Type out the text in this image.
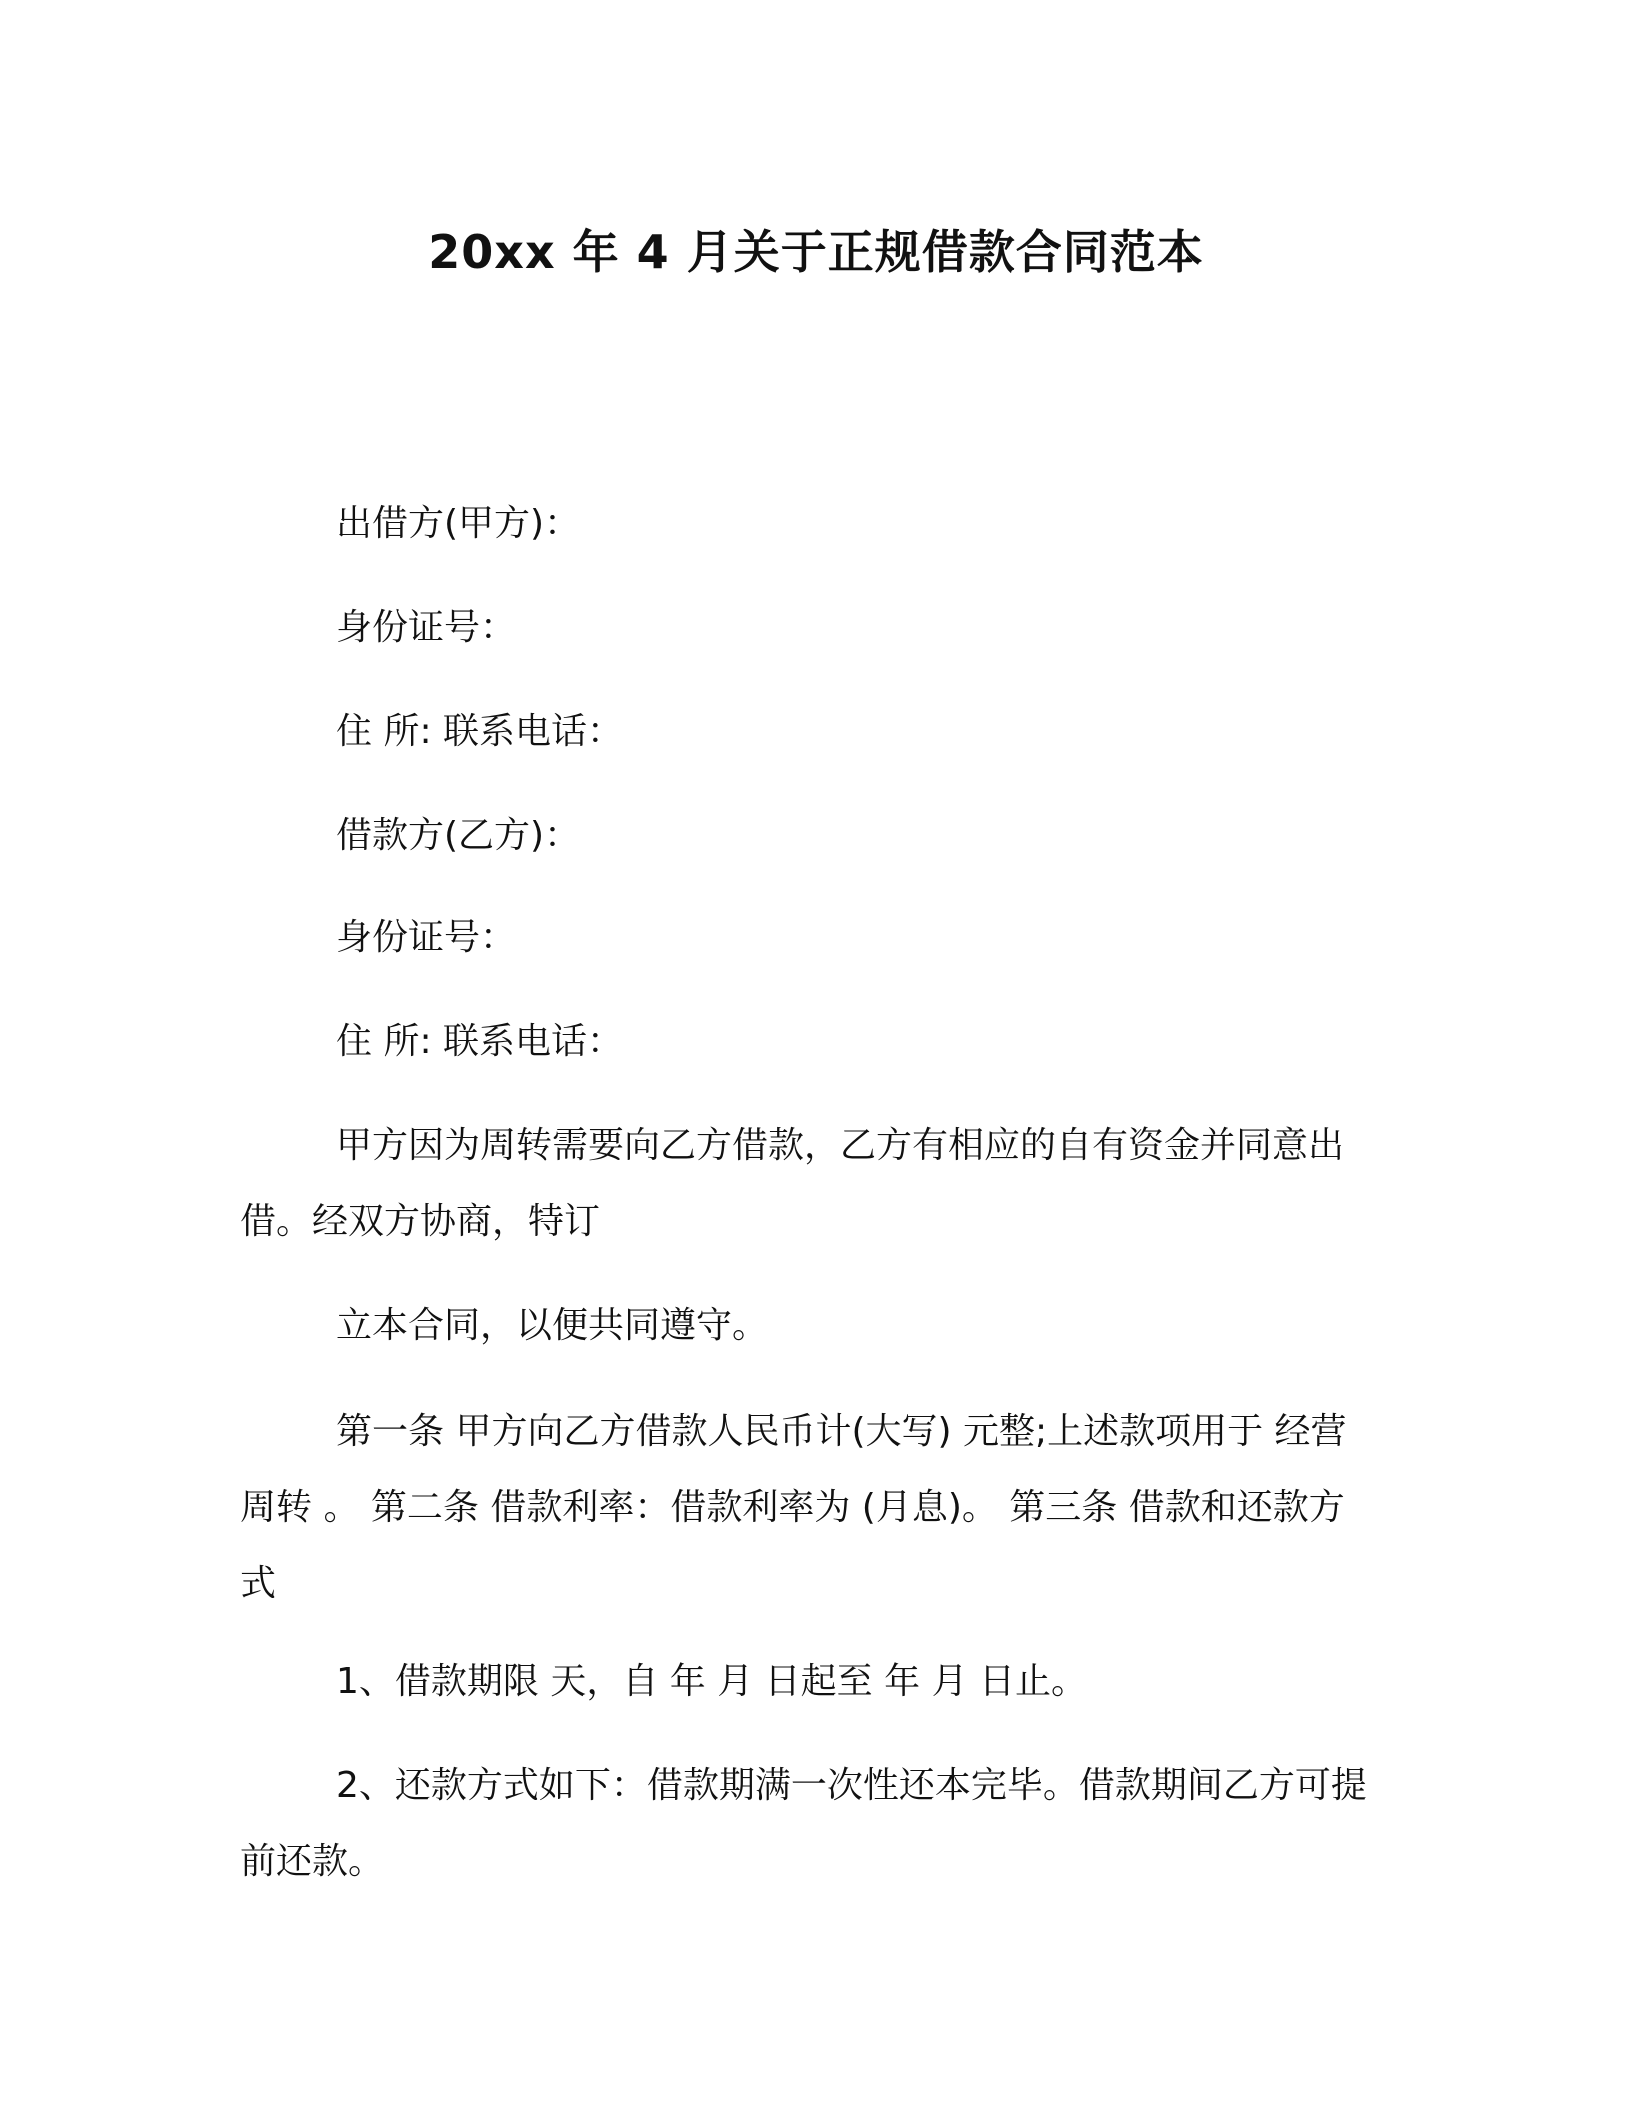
20xx 年 4 月关于正规借款合同范本

出借方(甲方)：

身份证号：

住 所: 联系电话：

借款方(乙方)：

身份证号：

住 所: 联系电话：

甲方因为周转需要向乙方借款，乙方有相应的自有资金并同意出借。经双方协商，特订

立本合同，以便共同遵守。

第一条 甲方向乙方借款人民币计(大写) 元整;上述款项用于 经营周转 。 第二条 借款利率：借款利率为 (月息)。 第三条 借款和还款方式

1、借款期限 天，自 年 月 日起至 年 月 日止。

2、还款方式如下：借款期满一次性还本完毕。借款期间乙方可提前还款。
